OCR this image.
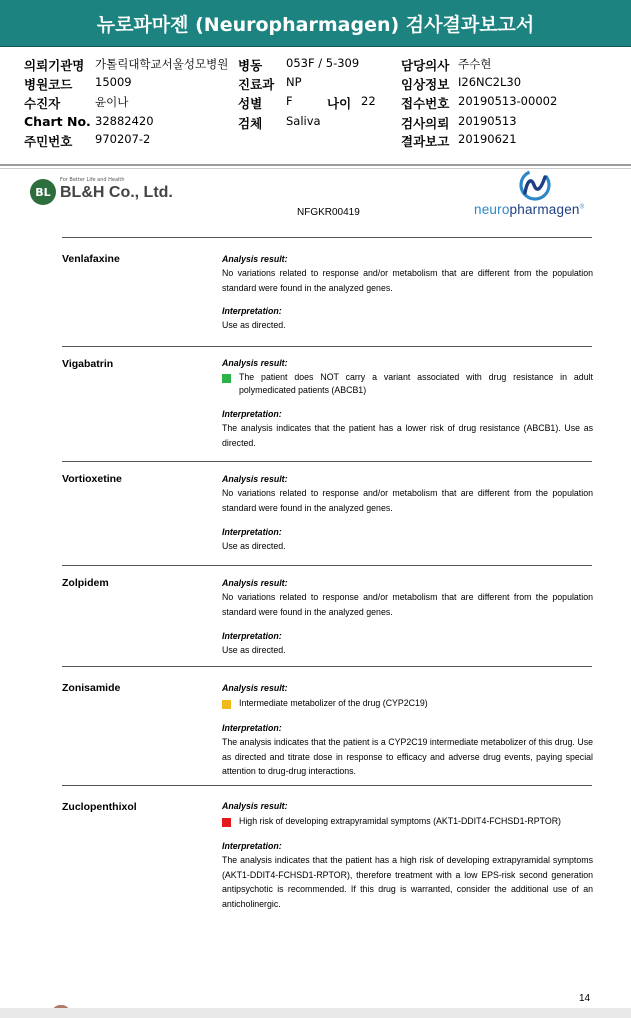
뉴로파마젠 (Neuropharmagen) 검사결과보고서
의뢰기관명 가톨릭대학교서울성모병원 병동 053F / 5-309	담당의사 주수현
병원코드 15009	진료과 NP	임상정보 I26NC2L30
수진자	윤이나	성별 F	나이 22 접수번호 20190513-00002
Chart No. 32882420	검체 Saliva	검사의뢰 20190513
주민번호 970207-2	결과보고 20190621
BL
For Better Life and Health
BL&H Co., Ltd.
NFGKR00419	neuropharmagen®
Venlafaxine	Analysis result:
No variations related to response and/or metabolism that are different from the population standard were found in the analyzed genes.
Interpretation:
Use as directed.
Vigabatrin	Analysis result:
The patient does NOT carry a variant associated with drug resistance in adult polymedicated patients (ABCB1)
Interpretation:
The analysis indicates that the patient has a lower risk of drug resistance (ABCB1). Use as directed.
Vortioxetine	Analysis result:
No variations related to response and/or metabolism that are different from the population standard were found in the analyzed genes.
Interpretation:
Use as directed.
Zolpidem	Analysis result:
No variations related to response and/or metabolism that are different from the population standard were found in the analyzed genes.
Interpretation:
Use as directed.
Zonisamide	Analysis result:
Intermediate metabolizer of the drug (CYP2C19)
Interpretation:
The analysis indicates that the patient is a CYP2C19 intermediate metabolizer of this drug. Use as directed and titrate dose in response to efficacy and adverse drug events, paying special attention to drug-drug interactions.
Zuclopenthixol	Analysis result:
High risk of developing extrapyramidal symptoms (AKT1-DDIT4-FCHSD1-RPTOR)
Interpretation:
The analysis indicates that the patient has a high risk of developing extrapyramidal symptoms (AKT1-DDIT4-FCHSD1-RPTOR), therefore treatment with a low EPS-risk second generation antipsychotic is recommended. If this drug is warranted, consider the additional use of an anticholinergic.
14
